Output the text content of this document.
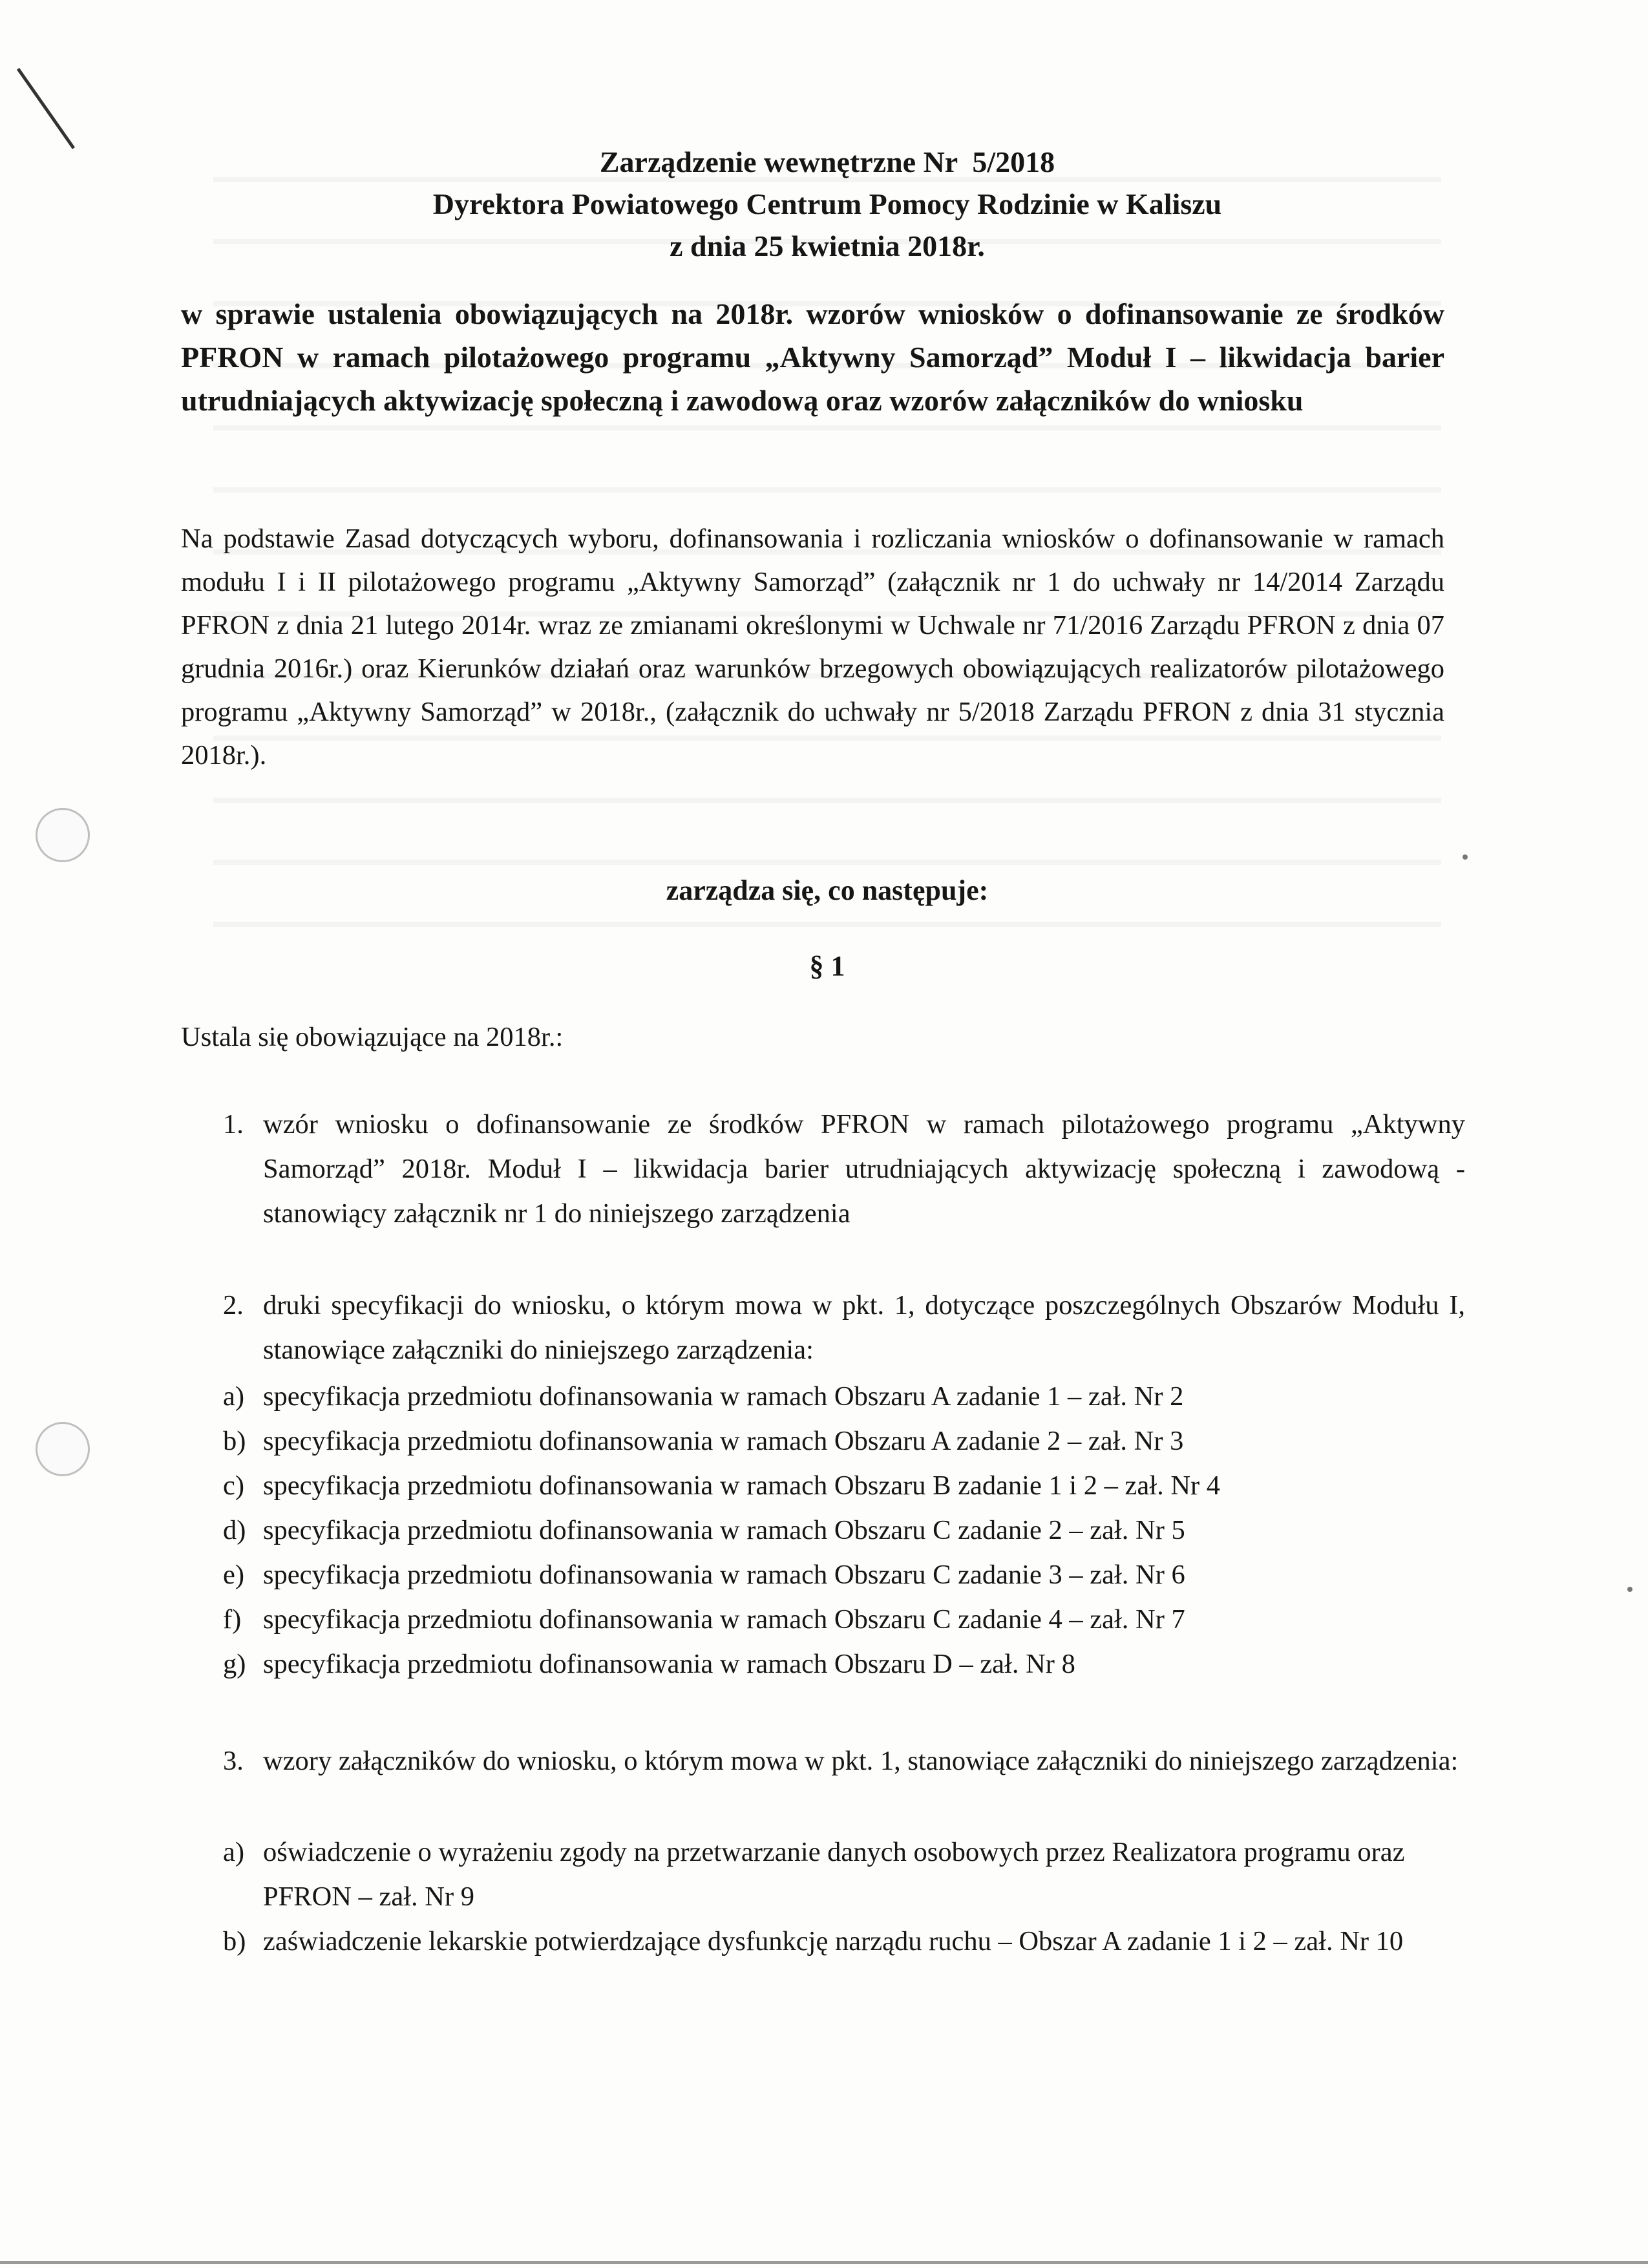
Zarządzenie wewnętrzne Nr  5/2018
Dyrektora Powiatowego Centrum Pomocy Rodzinie w Kaliszu
z dnia 25 kwietnia 2018r.
w sprawie ustalenia obowiązujących na 2018r. wzorów wniosków o dofinansowanie ze środków PFRON w ramach pilotażowego programu „Aktywny Samorząd” Moduł I – likwidacja barier utrudniających aktywizację społeczną i zawodową oraz wzorów załączników do wniosku
Na podstawie Zasad dotyczących wyboru, dofinansowania i rozliczania wniosków o dofinansowanie w ramach modułu I i II pilotażowego programu „Aktywny Samorząd” (załącznik nr 1 do uchwały nr 14/2014 Zarządu PFRON z dnia 21 lutego 2014r. wraz ze zmianami określonymi w Uchwale nr 71/2016 Zarządu PFRON z dnia 07 grudnia 2016r.) oraz Kierunków działań oraz warunków brzegowych obowiązujących realizatorów pilotażowego programu „Aktywny Samorząd” w 2018r., (załącznik do uchwały nr 5/2018 Zarządu PFRON z dnia 31 stycznia 2018r.).
zarządza się, co następuje:
§ 1
Ustala się obowiązujące na 2018r.:
1. wzór wniosku o dofinansowanie ze środków PFRON w ramach pilotażowego programu „Aktywny Samorząd” 2018r. Moduł I – likwidacja barier utrudniających aktywizację społeczną i zawodową - stanowiący załącznik nr 1 do niniejszego zarządzenia
2. druki specyfikacji do wniosku, o którym mowa w pkt. 1, dotyczące poszczególnych Obszarów Modułu I, stanowiące załączniki do niniejszego zarządzenia:
a) specyfikacja przedmiotu dofinansowania w ramach Obszaru A zadanie 1 – zał. Nr 2
b) specyfikacja przedmiotu dofinansowania w ramach Obszaru A zadanie 2 – zał. Nr 3
c) specyfikacja przedmiotu dofinansowania w ramach Obszaru B zadanie 1 i 2 – zał. Nr 4
d) specyfikacja przedmiotu dofinansowania w ramach Obszaru C zadanie 2 – zał. Nr 5
e) specyfikacja przedmiotu dofinansowania w ramach Obszaru C zadanie 3 – zał. Nr 6
f) specyfikacja przedmiotu dofinansowania w ramach Obszaru C zadanie 4 – zał. Nr 7
g) specyfikacja przedmiotu dofinansowania w ramach Obszaru D – zał. Nr 8
3. wzory załączników do wniosku, o którym mowa w pkt. 1, stanowiące załączniki do niniejszego zarządzenia:
a) oświadczenie o wyrażeniu zgody na przetwarzanie danych osobowych przez Realizatora programu oraz PFRON – zał. Nr 9
b) zaświadczenie lekarskie potwierdzające dysfunkcję narządu ruchu – Obszar A zadanie 1 i 2 – zał. Nr 10
